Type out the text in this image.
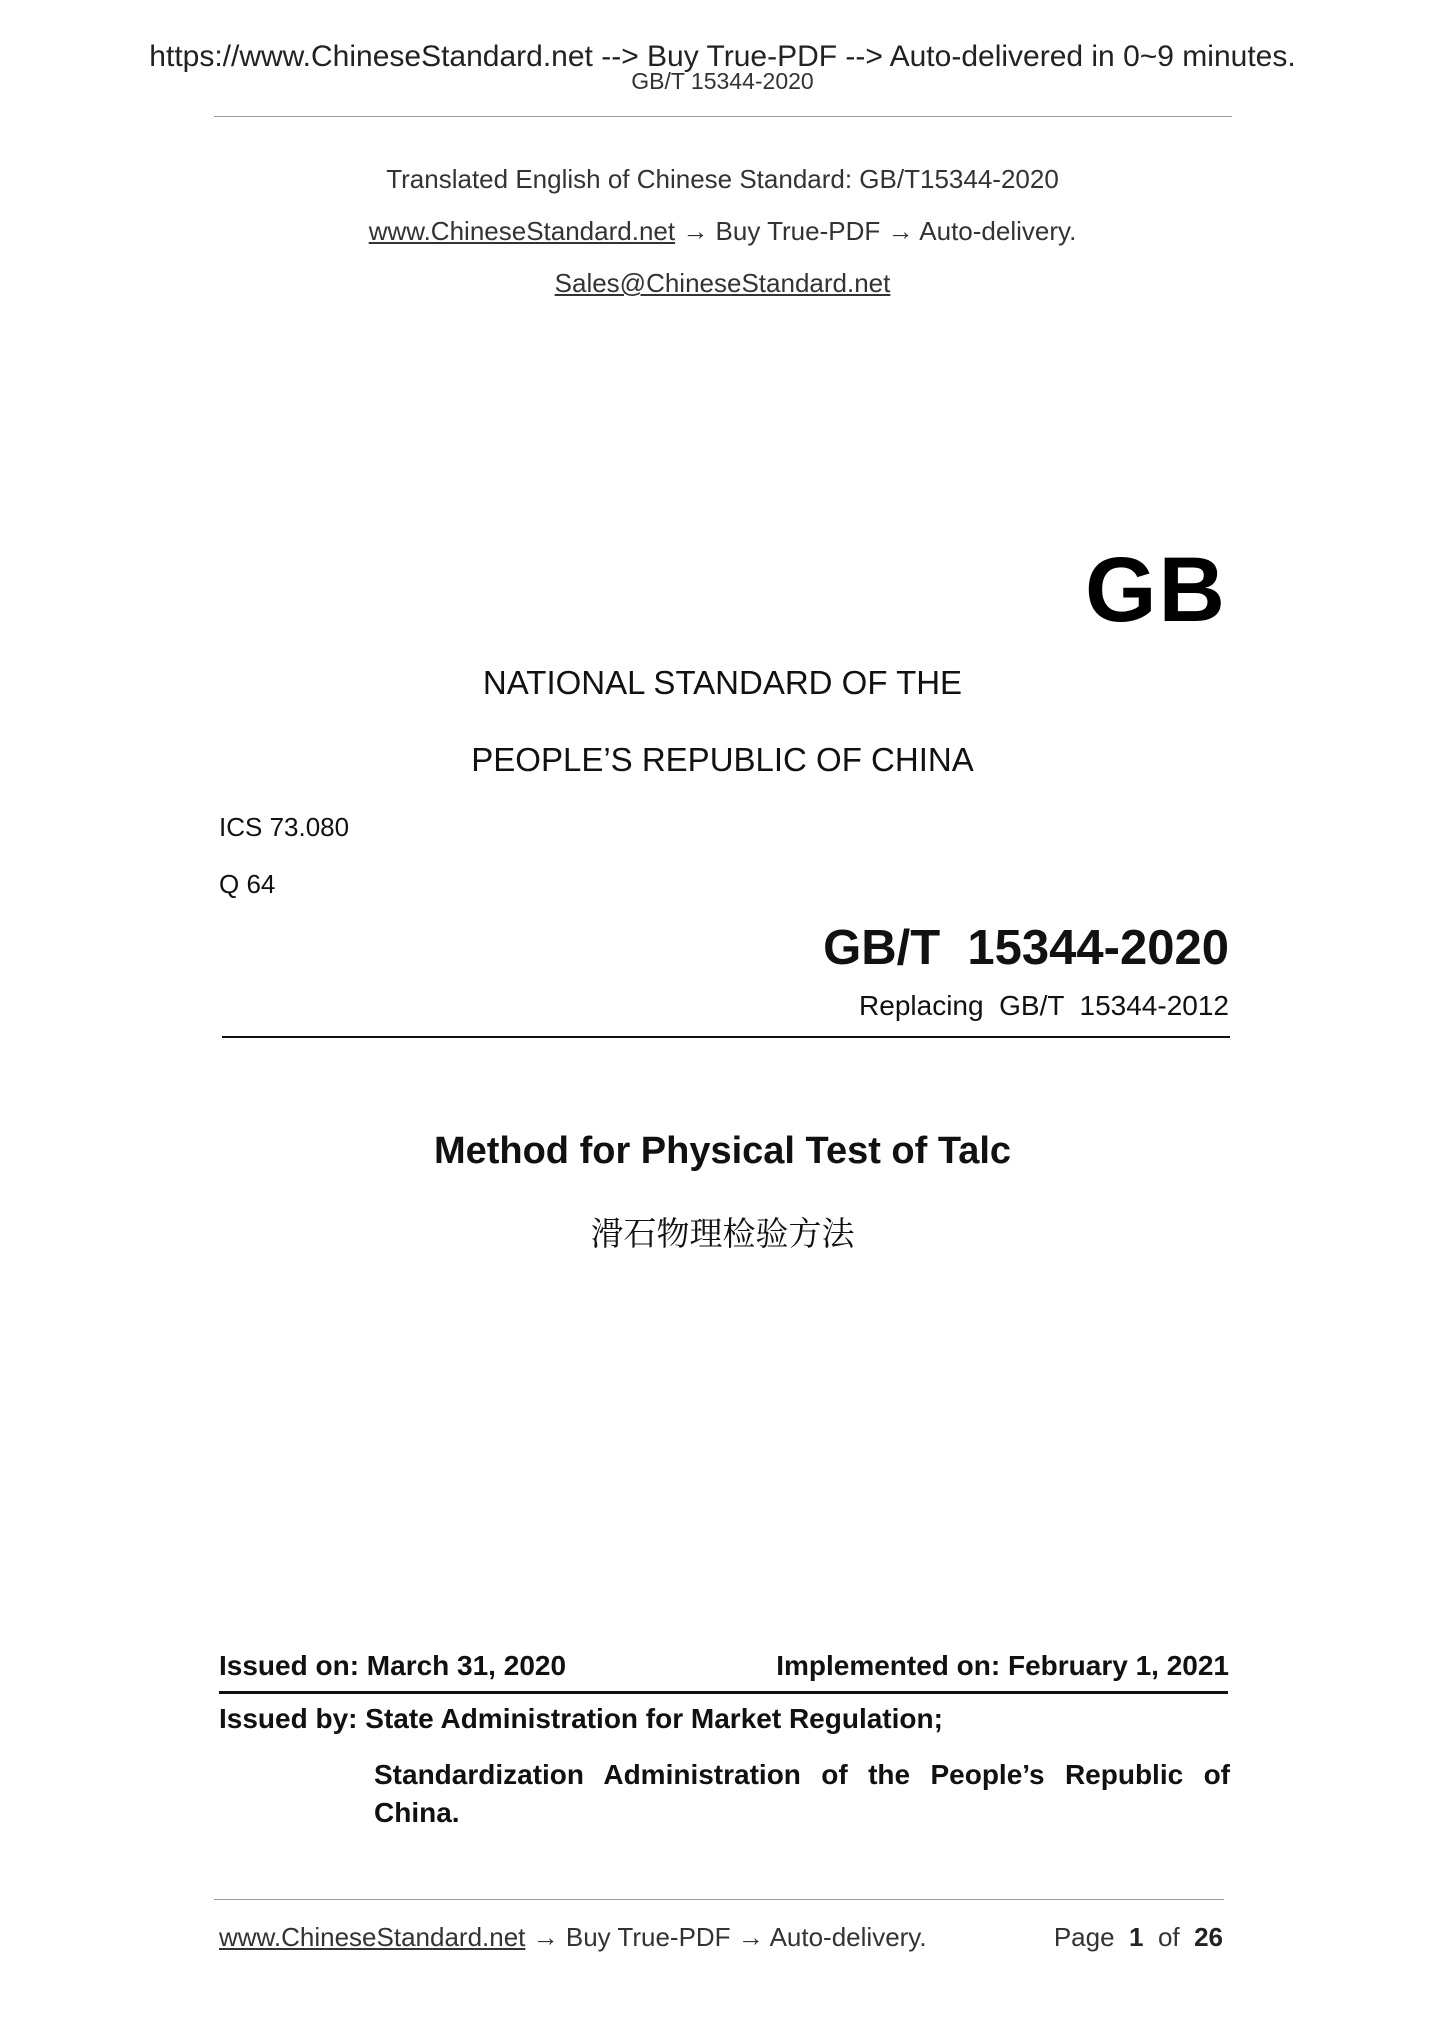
https://www.ChineseStandard.net --> Buy True-PDF --> Auto-delivered in 0~9 minutes.
GB/T 15344-2020
Translated English of Chinese Standard: GB/T15344-2020
www.ChineseStandard.net → Buy True-PDF → Auto-delivery.
Sales@ChineseStandard.net
GB
NATIONAL STANDARD OF THE
PEOPLE’S REPUBLIC OF CHINA
ICS 73.080
Q 64
GB/T  15344-2020
Replacing  GB/T  15344-2012
Method for Physical Test of Talc
滑石物理检验方法
Issued on: March 31, 2020	Implemented on: February 1, 2021
Issued by: State Administration for Market Regulation;
Standardization Administration of the People’s Republic of China.
www.ChineseStandard.net → Buy True-PDF → Auto-delivery.	Page 1 of 26
